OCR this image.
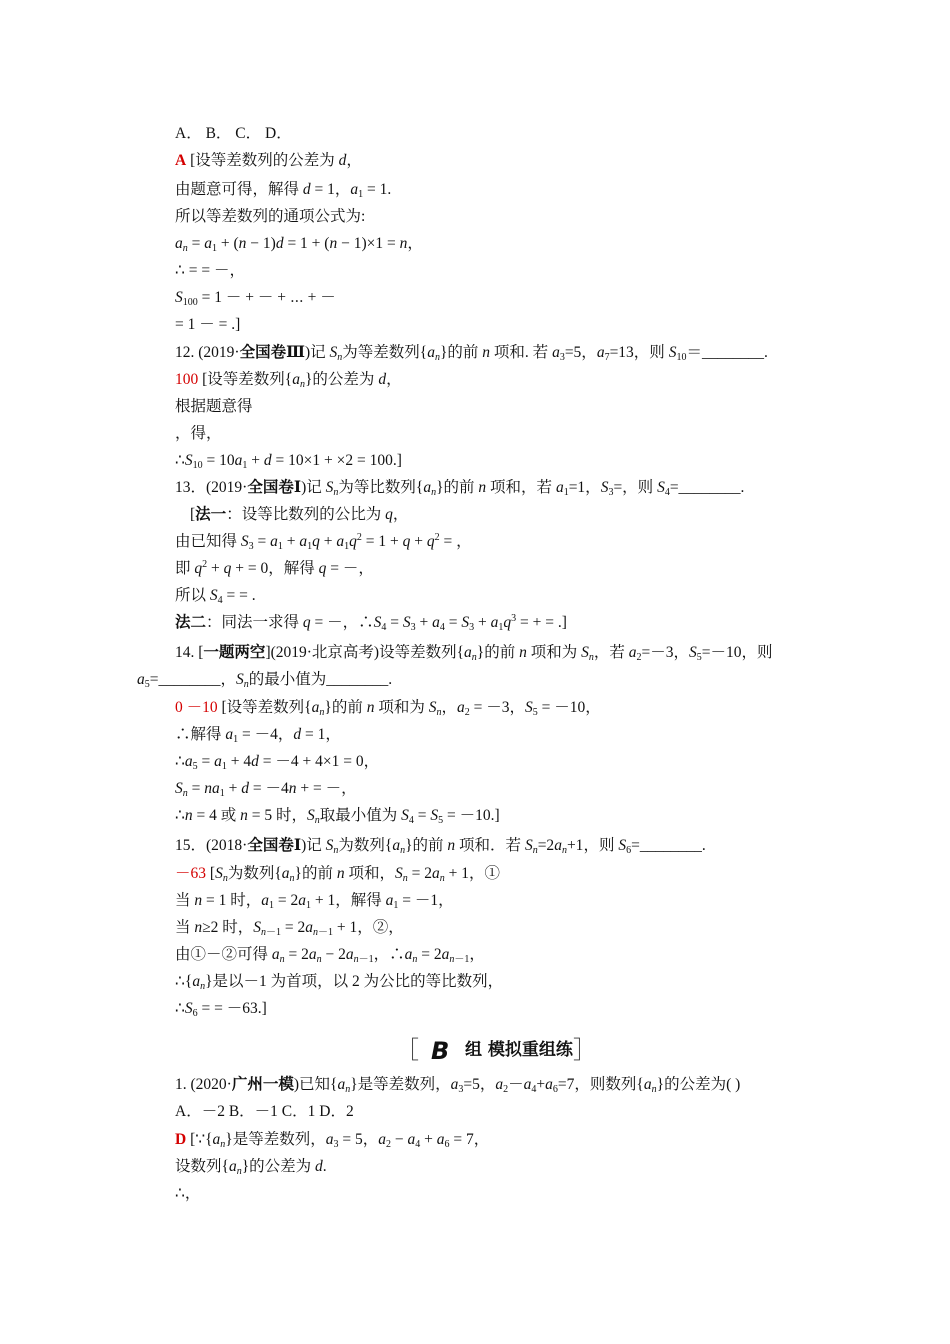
A． B． C． D．
A [设等差数列的公差为 d，
由题意可得，解得 d = 1，$a_1 = 1$.
所以等差数列的通项公式为:
$a_n = a_1 + (n - 1)d = 1 + (n - 1)\times 1 = n$，
∴ = = －，
$S_{100} = 1$ － + － + ⋯ + －
= 1 － = .]
12. (2019·全国卷Ⅲ)记 $S_n$为等差数列$\{a_n\}$的前 n 项和. 若 $a_3=5$，$a_7=13$，则 $S_{10}=\_\_\_\_\_\_\_\_$.
100 [设等差数列$\{a_n\}$的公差为 d，
根据题意得
，得，
$\therefore S_{10} = 10a_1 + d = 10\times 1 + \times 2 = 100$.]
13．(2019·全国卷Ⅰ)记 $S_n$为等比数列$\{a_n\}$的前 n 项和，若 $a_1=1$，$S_3=$，则 $S_4=\_\_\_\_\_\_\_\_$.
[法一：设等比数列的公比为 q，
由已知得 $S_3 = a_1 + a_1q + a_1q^2 = 1 + q + q^2$ = ，
即 $q^2 + q$ + = 0，解得 q = －，
所以 $S_4$ = = .
法二：同法一求得 q = －，$\therefore S_4 = S_3 + a_4 = S_3 + a_1q^3$ = + = .]
14. [一题两空](2019·北京高考)设等差数列$\{a_n\}$的前 n 项和为 $S_n$，若 $a_2=-3$，$S_5=-10$，则
$a_5=\_\_\_\_\_\_\_\_$，$S_n$的最小值为________.
0 －10 [设等差数列$\{a_n\}$的前 n 项和为 $S_n$，$a_2 = -3$，$S_5 = -10$，
∴解得 $a_1 = -4$，d = 1，
$\therefore a_5 = a_1 + 4d = -4 + 4\times 1 = 0$，
$S_n = na_1 + d = -4n$ + = －，
∴n = 4 或 n = 5 时，$S_n$取最小值为 $S_4 = S_5 = -10$.]
15．(2018·全国卷Ⅰ)记 $S_n$为数列$\{a_n\}$的前 n 项和．若 $S_n=2a_n+1$，则 $S_6=\_\_\_\_\_\_\_\_$.
－63 [$S_n$为数列$\{a_n\}$的前 n 项和，$S_n = 2a_n + 1$，①
当 n = 1 时，$a_1 = 2a_1 + 1$，解得 $a_1 = -1$，
当 n≥2 时，$S_{n-1} = 2a_{n-1} + 1$，②，
由①－②可得 $a_n = 2a_n - 2a_{n-1}$，$\therefore a_n = 2a_{n-1}$，
$\therefore\{a_n\}$是以－1 为首项，以 2 为公比的等比数列，
$\therefore S_6$ = = －63.]
［ B 组 模拟重组练 ］
1. (2020·广州一模)已知$\{a_n\}$是等差数列，$a_3=5$，$a_2-a_4+a_6=7$，则数列$\{a_n\}$的公差为( )
A．－2 B．－1 C．1 D．2
D [$\because\{a_n\}$是等差数列，$a_3 = 5$，$a_2 - a_4 + a_6 = 7$，
设数列$\{a_n\}$的公差为 d.
∴，
